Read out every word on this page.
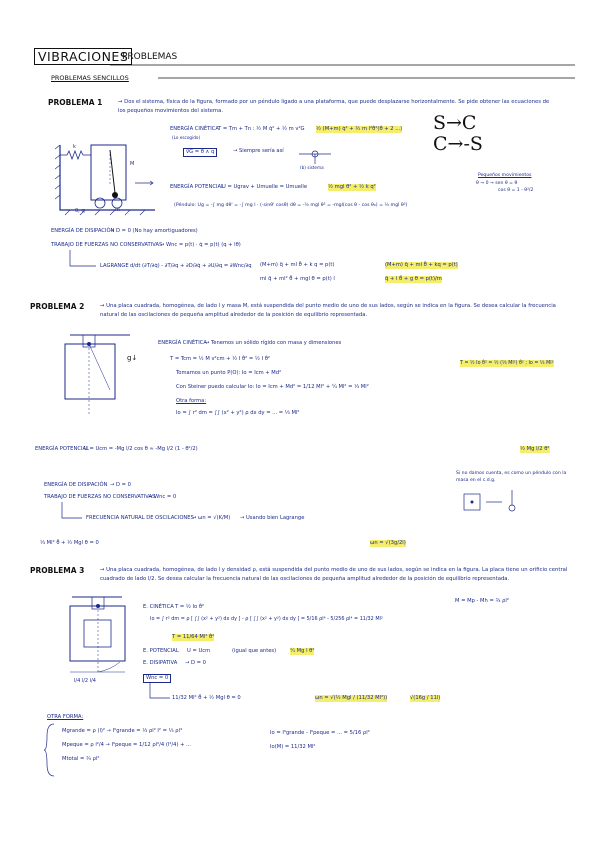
VIBRACIONES
PROBLEMAS
PROBLEMAS SENCILLOS
S→C
C→-S
PROBLEMA 1	→ Dos el sistema, física de la figura, formado por un péndulo ligado a una plataforma, que puede desplazarse horizontalmente. Se pide obtener las ecuaciones de los pequeños movimientos del sistema.
m
k
M
θ, q
ENERGÍA CINÉTICA T = Tm + Tn : ½ M q̇² + ½ m v²G ½ (M+m) q̇² + ½ m l²θ̇²(θ̇ + 2 ...)
(Lo escogido)
v⃗G = θ̇ ∧ q	→ Siempre sería así
(b) sistema
ENERGÍA POTENCIAL
U = Ugrav + Umuelle = Umuelle	½ mgl θ² + ½ k q²
(Péndulo: Ug = -∫ mg dθ' = -∫ mg l · (-sinθ' cosθ) dθ = -½ mgl θ² = -mgl(cos θ - cos θ₀) = ½ mgl θ²)
Pequeños movimientos
θ → 0 → sen θ = θ
cos θ = 1 - θ²/2
ENERGÍA DE DISIPACIÓN
→ D = 0 (No hay amortiguadores)
TRABAJO DE FUERZAS NO CONSERVATIVAS
→ Wnc = p(t) · q̇ = p(t) (q + lθ)
LAGRANGE d/dt (∂T/∂q̇) - ∂T/∂q + ∂D/∂q̇ + ∂U/∂q = ∂Wnc/∂q (M+m) q̈ + ml θ̈ + k q = p(t)
ml q̈ + ml² θ̈ + mgl θ = p(t) l
(M+m) q̈ + ml θ̈ + kq = p(t)
q̈ + l θ̈ + g θ = p(t)/m
PROBLEMA 2	→ Una placa cuadrada, homogénea, de lado l y masa M, está suspendida del punto medio de uno de sus lados, según se indica en la figura. Se desea calcular la frecuencia natural de las oscilaciones de pequeña amplitud alrededor de la posición de equilibrio representada.
g↓
ENERGÍA CINÉTICA
→ Tenemos un sólido rígido con masa y dimensiones
T = Tcm = ½ M v²cm + ½ I θ̇² = ½ I θ̇²
T = ½ Io θ̇² = ½ (⅓ Ml²) θ̇² ; Io = ⅓ Ml²
Tomamos un punto P(O): Io = Icm + Md²
Con Steiner puedo calcular Io: Io = Icm + Md² = 1/12 Ml² + ¼ Ml² = ⅓ Ml²
Otra forma:
Io = ∫ r² dm = ∫∫ (x² + y²) ρ dx dy = ... = ⅓ Ml²
ENERGÍA POTENCIAL
U = Ucm = -Mg l/2 cos θ ≈ -Mg l/2 (1 - θ²/2)	½ Mg l/2 θ²
Si no damos cuenta, es como un péndulo con la masa en el c.d.g.
ENERGÍA DE DISIPACIÓN → D = 0
TRABAJO DE FUERZAS NO CONSERVATIVAS
→ Wnc = 0
FRECUENCIA NATURAL DE OSCILACIONES
→ ωn = √(K/M) → Usando bien Lagrange
⅓ Ml² θ̈ + ½ Mgl θ = 0	ωn = √(3g/2l)
PROBLEMA 3	→ Una placa cuadrada, homogénea, de lado l y densidad ρ, está suspendida del punto medio de uno de sus lados, según se indica en la figura. La placa tiene un orificio central cuadrado de lado l/2. Se desea calcular la frecuencia natural de las oscilaciones de pequeña amplitud alrededor de la posición de equilibrio representada.
l/4 l/2 l/4
E. CINÉTICA T = ½ Io θ̇²
Io = ∫ r² dm = ρ [ ∫∫ (x² + y²) dx dy ] - ρ [ ∫∫ (x² + y²) dx dy ] = 5/16 ρl⁴ - 5/256 ρl⁴ = 11/32 Ml²
T = 11/64 Ml² θ̇²
M = Mp - Mh = ¾ ρl²
E. POTENCIAL U = Ucm	(igual que antes)	¼ Mg l θ²
E. DISIPATIVA → D = 0
Wnc = 0
11/32 Ml² θ̈ + ½ Mgl θ = 0	ωn = √(½ Mgl / (11/32 Ml²))	√(16g / 11l)
OTRA FORMA:
Mgrande = ρ (l)² → I⁰grande = ⅓ ρl² l² = ⅓ ρl⁴
Mpeque = ρ l²/4 → I⁰peque = 1/12 ρl²/4 (l²/4) + ...
Mtotal = ¾ ρl²
Io = I⁰grande - I⁰peque = ... = 5/16 ρl⁴
Io(M) = 11/32 Ml²
